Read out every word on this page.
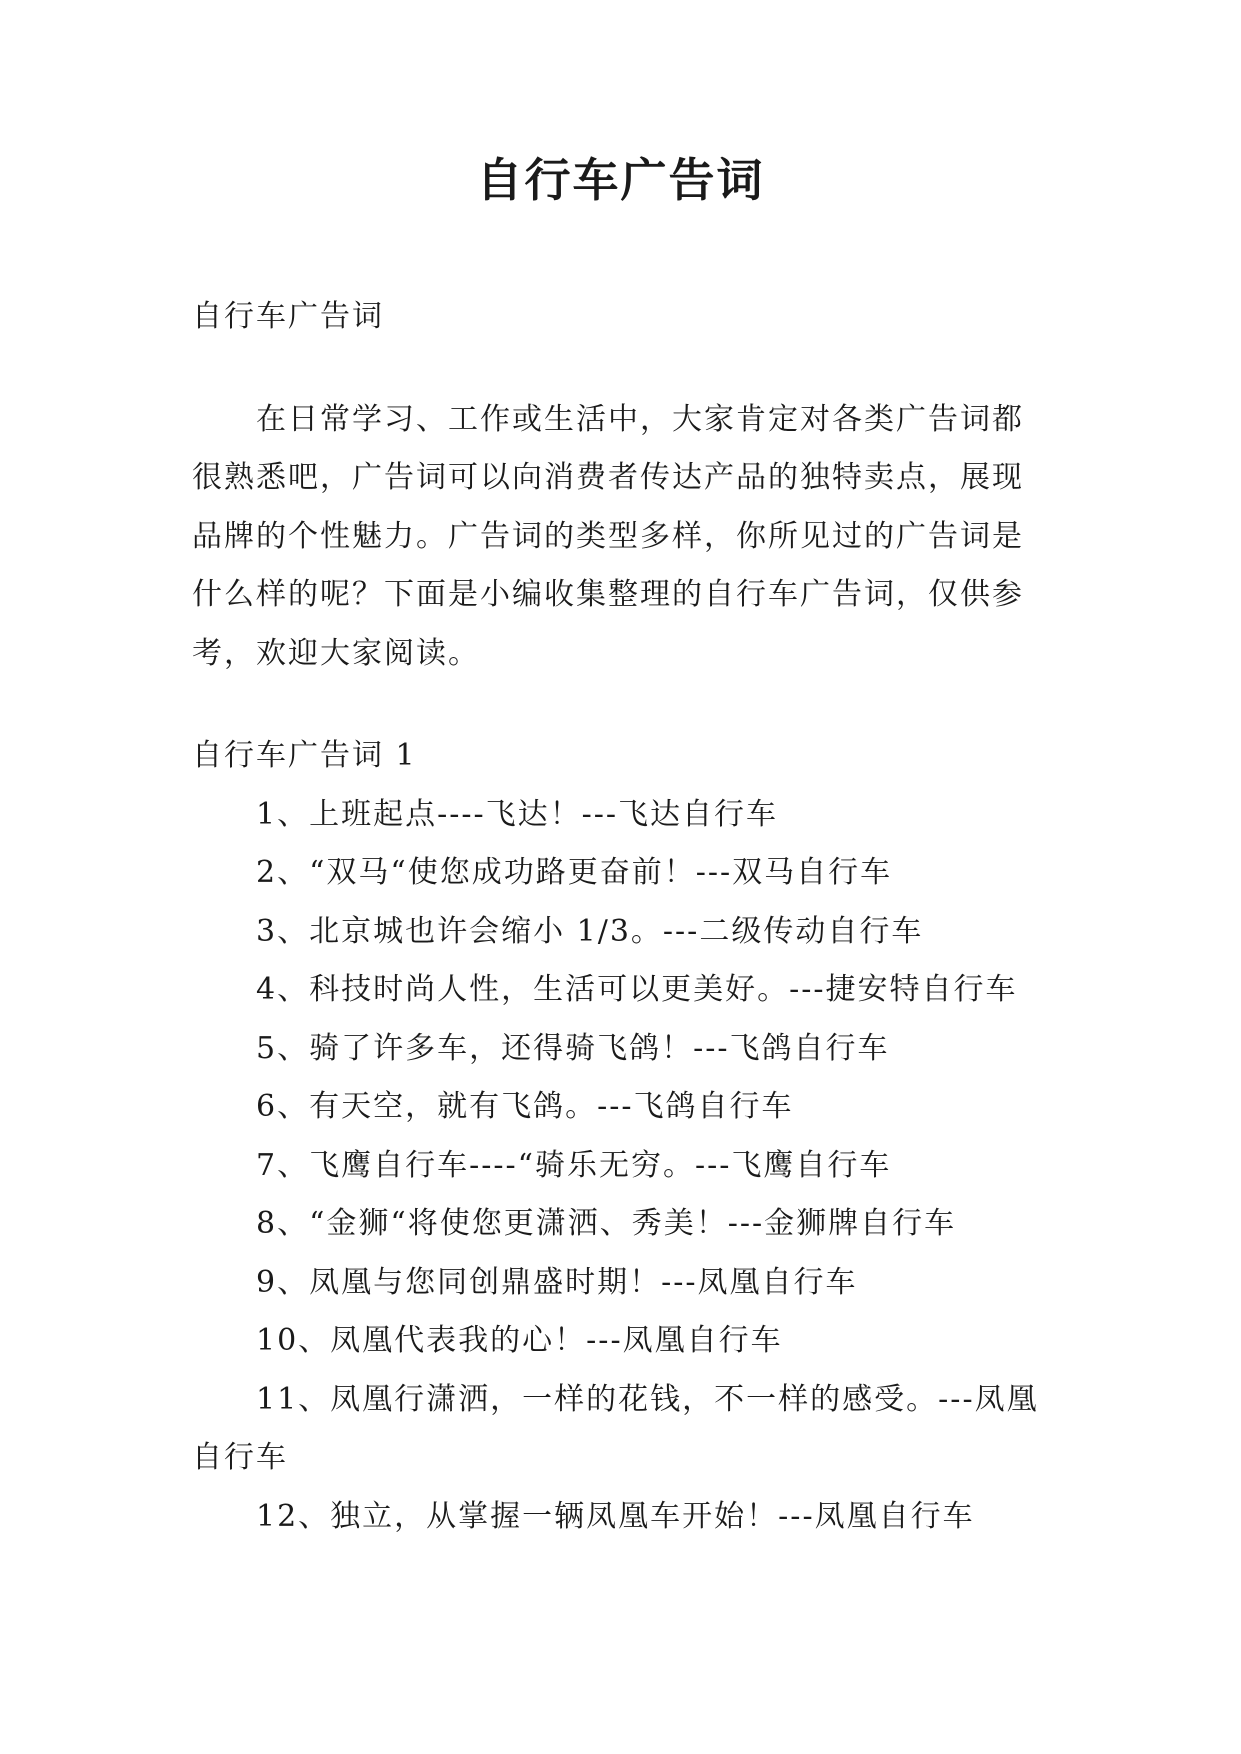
自行车广告词

自行车广告词

在日常学习、工作或生活中，大家肯定对各类广告词都很熟悉吧，广告词可以向消费者传达产品的独特卖点，展现品牌的个性魅力。广告词的类型多样，你所见过的广告词是什么样的呢？下面是小编收集整理的自行车广告词，仅供参考，欢迎大家阅读。

自行车广告词 1

1、上班起点----飞达！---飞达自行车
2、“双马“使您成功路更奋前！---双马自行车
3、北京城也许会缩小 1/3。---二级传动自行车
4、科技时尚人性，生活可以更美好。---捷安特自行车
5、骑了许多车，还得骑飞鸽！---飞鸽自行车
6、有天空，就有飞鸽。---飞鸽自行车
7、飞鹰自行车----“骑乐无穷。---飞鹰自行车
8、“金狮“将使您更潇洒、秀美！---金狮牌自行车
9、凤凰与您同创鼎盛时期！---凤凰自行车
10、凤凰代表我的心！---凤凰自行车
11、凤凰行潇洒，一样的花钱，不一样的感受。---凤凰自行车
12、独立，从掌握一辆凤凰车开始！---凤凰自行车
